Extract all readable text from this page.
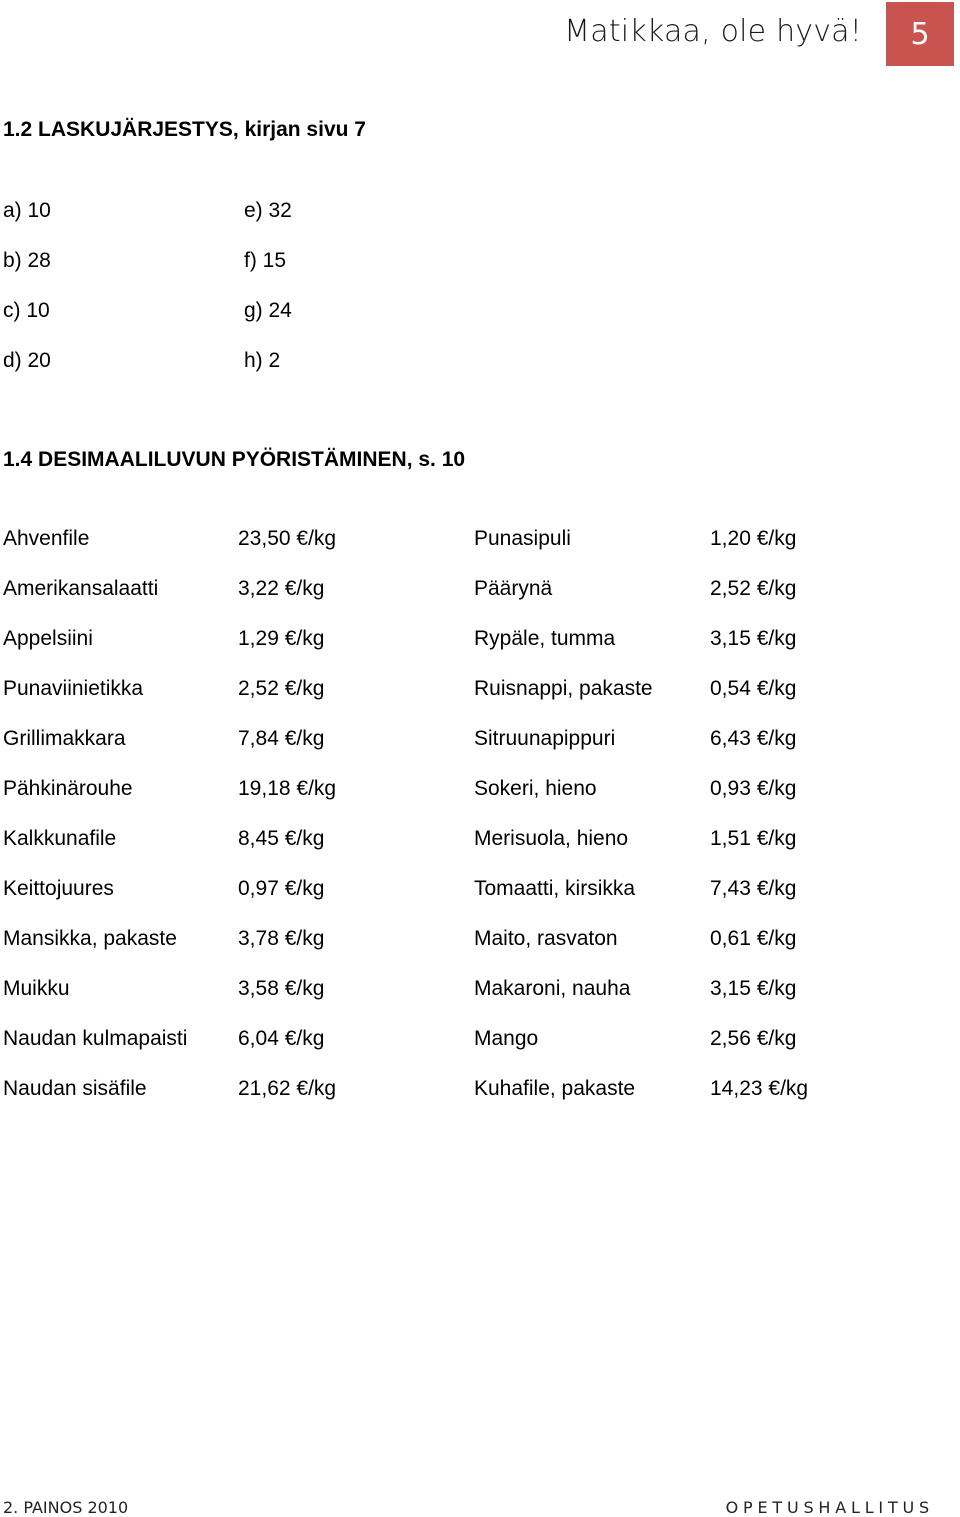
Matikkaa, ole hyvä!	5
1.2 LASKUJÄRJESTYS, kirjan sivu 7
a) 10	e) 32
b) 28	f) 15
c) 10	g) 24
d) 20	h) 2
1.4 DESIMAALILUVUN PYÖRISTÄMINEN, s. 10
Ahvenfile	23,50 €/kg	Punasipuli	1,20 €/kg
Amerikansalaatti	3,22 €/kg	Päärynä	2,52 €/kg
Appelsiini	1,29 €/kg	Rypäle, tumma	3,15 €/kg
Punaviinietikka	2,52 €/kg	Ruisnappi, pakaste	0,54 €/kg
Grillimakkara	7,84 €/kg	Sitruunapippuri	6,43 €/kg
Pähkinärouhe	19,18 €/kg	Sokeri, hieno	0,93 €/kg
Kalkkunafile	8,45 €/kg	Merisuola, hieno	1,51 €/kg
Keittojuures	0,97 €/kg	Tomaatti, kirsikka	7,43 €/kg
Mansikka, pakaste	3,78 €/kg	Maito, rasvaton	0,61 €/kg
Muikku	3,58 €/kg	Makaroni, nauha	3,15 €/kg
Naudan kulmapaisti 6,04 €/kg	Mango	2,56 €/kg
Naudan sisäfile	21,62 €/kg	Kuhafile, pakaste	14,23 €/kg
2. PAINOS 2010	OPETUSHALLITUS
